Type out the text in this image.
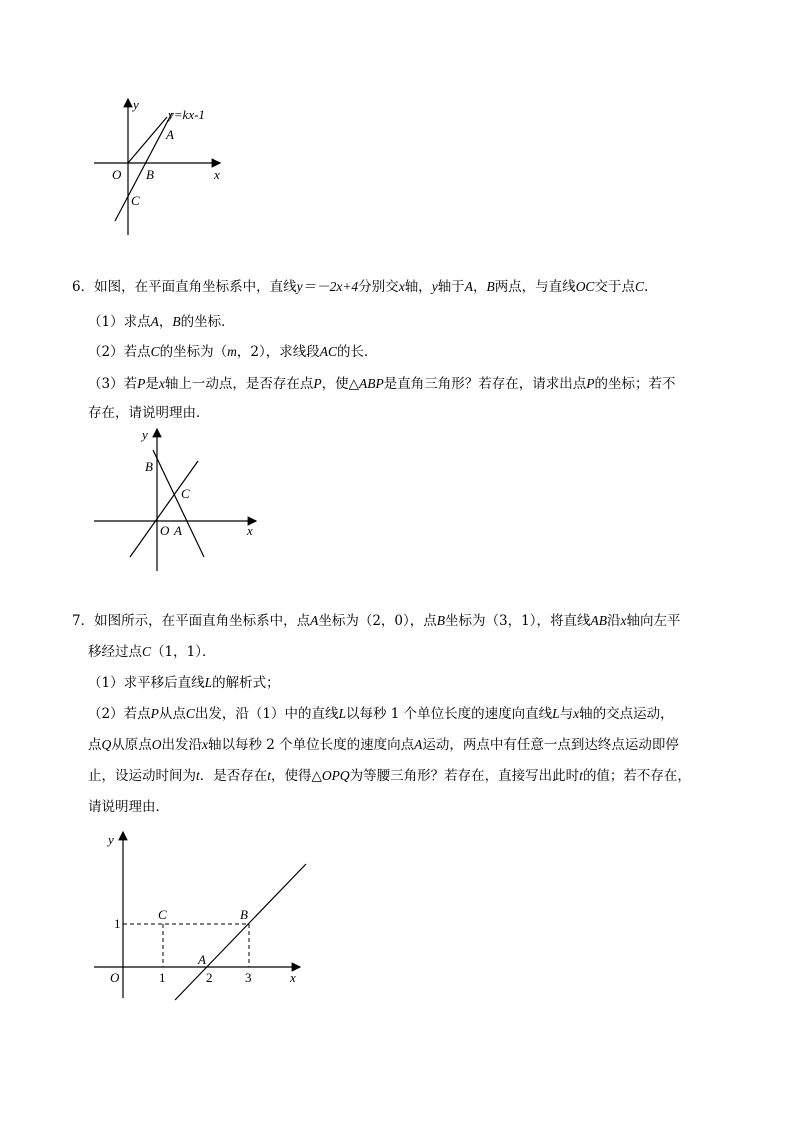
y
y=kx-1
A
O B	x
C
6．如图，在平面直角坐标系中，直线y＝－2x+4分别交x轴，y轴于A，B两点，与直线OC交于点C.
（1）求点A，B的坐标．
（2）若点C的坐标为（m，2），求线段AC的长．
（3）若P是x轴上一动点，是否存在点P，使△ABP是直角三角形？若存在，请求出点P的坐标；若不
存在，请说明理由．
y
B
C
O A	x
7．如图所示，在平面直角坐标系中，点A坐标为（2，0），点B坐标为（3，1），将直线AB沿x轴向左平
移经过点C（1，1）．
（1）求平移后直线L的解析式；
（2）若点P从点C出发，沿（1）中的直线L以每秒 1 个单位长度的速度向直线L与x轴的交点运动，
点Q从原点O出发沿x轴以每秒 2 个单位长度的速度向点A运动，两点中有任意一点到达终点运动即停
止，设运动时间为t．是否存在t，使得△OPQ为等腰三角形？若存在，直接写出此时t的值；若不存在，
请说明理由．
y
C	B
1
O
A
1	2	3	x
